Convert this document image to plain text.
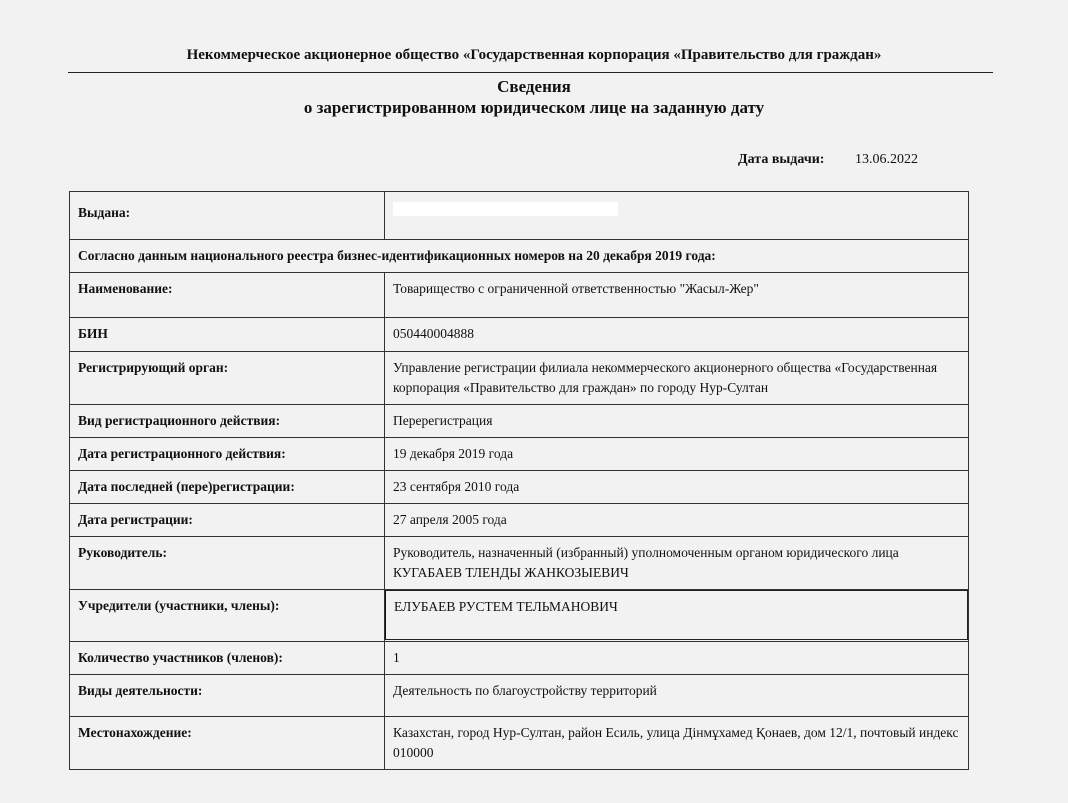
Некоммерческое акционерное общество «Государственная корпорация «Правительство для граждан»
Сведения
о зарегистрированном юридическом лице на заданную дату
Дата выдачи: 13.06.2022
Выдана:	
Согласно данным национального реестра бизнес-идентификационных номеров на 20 декабря 2019 года:	
Наименование:	Товарищество с ограниченной ответственностью "Жасыл-Жер"
БИН	050440004888
Регистрирующий орган:	Управление регистрации филиала некоммерческого акционерного общества «Государственная корпорация «Правительство для граждан» по городу Нур-Султан
Вид регистрационного действия:	Перерегистрация
Дата регистрационного действия:	19 декабря 2019 года
Дата последней (пере)регистрации:	23 сентября 2010 года
Дата регистрации:	27 апреля 2005 года
Руководитель:	Руководитель, назначенный (избранный) уполномоченным органом юридического лица
КУГАБАЕВ ТЛЕНДЫ ЖАНКОЗЫЕВИЧ

Учредители (участники, члены):	ЕЛУБАЕВ РУСТЕМ ТЕЛЬМАНОВИЧ

Количество участников (членов):	1
Виды деятельности:	Деятельность по благоустройству территорий
Местонахождение:	Казахстан, город Нур-Султан, район Есиль, улица Дінмұхамед Қонаев, дом 12/1, почтовый индекс 010000
